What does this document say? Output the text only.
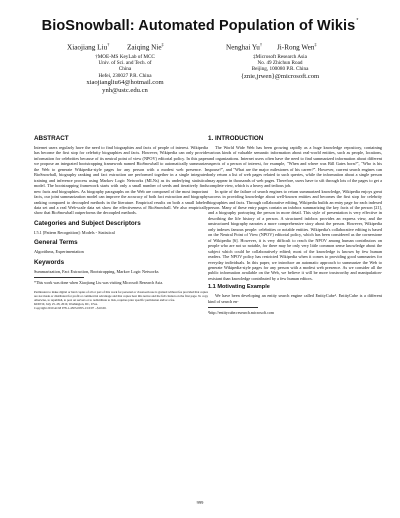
BioSnowball: Automated Population of Wikis*
Xiaojiang Liu† Zaiqing Nie‡	Nenghai Yu† Ji-Rong Wen‡
†MOE-MS KeyLab of MCC
Univ. of Sci. and Tech. of
China
Hefei, 230027 P.R. China
xiaojiangliu64@hotmail.com
ynh@ustc.edu.cn
‡Microsoft Research Asia
No. 49 Zhichun Road
Beijing, 100080 P.R. China
{znie,jrwen}@microsoft.com
ABSTRACT

Internet users regularly have the need to find biographies and facts of people of interest. Wikipedia has become the first stop for celebrity biographies and facts. However, Wikipedia can only provide information for celebrities because of its neutral point of view (NPOV) editorial policy. In this paper we propose an integrated bootstrapping framework named BioSnowball to automatically summarize the Web to generate Wikipedia-style pages for any person with a modest web presence. In BioSnowball, biography ranking and fact extraction are performed together in a single integrated training and inference process using Markov Logic Networks (MLNs) as its underlying statistical model. The bootstrapping framework starts with only a small number of seeds and iteratively finds new facts and biographies. As biography paragraphs on the Web are composed of the most important facts, our joint summarization model can improve the accuracy of both fact extraction and biography ranking compared to decoupled methods in the literature. Empirical results on both a small labeled data set and a real Web-scale data set show the effectiveness of BioSnowball. We also empirically show that BioSnowball outperforms the decoupled methods.

Categories and Subject Descriptors

I.5.1 [Pattern Recognition]: Models - Statistical

General Terms

Algorithms, Experimentation

Keywords

Summarization, Fact Extraction, Bootstrapping, Markov Logic Networks

*This work was done when Xiaojiang Liu was visiting Microsoft Research Asia.

Permission to make digital or hard copies of all or part of this work for personal or classroom use is granted without fee provided that copies are not made or distributed for profit or commercial advantage and that copies bear this notice and the full citation on the first page. To copy otherwise, to republish, to post on servers or to redistribute to lists, requires prior specific permission and/or a fee.

KDD'10, July 25–28, 2010, Washington, DC, USA.

Copyright 2010 ACM 978-1-4503-0055-1/10/07 ...$10.00.

1. INTRODUCTION

The World Wide Web has been growing rapidly as a huge knowledge repository, containing various kinds of valuable semantic information about real-world entities, such as people, locations, and organizations. Internet users often have the need to find summarized information about different aspects of a person of interest, for example, "When and where was Bill Gates born?", "Who is his spouse?", and "What are the major milestones of his career?". However, current search engines can only return a list of web pages related to such queries, while the information about a single person may appear in thousands of web pages. Therefore, users have to sift through lots of the pages to get a complete view, which is a heavy and tedious job.

In spite of the failure of search engines to return summarized knowledge, Wikipedia enjoys great success in providing knowledge about well-known entities and becomes the first stop for celebrity biographies and facts. Through collaborative editing, Wikipedia builds an entry page for each indexed person. Many of these entry pages contain an infobox summarizing the key facts of the person [21], and a biography portraying the person in more detail. This style of presentation is very effective in describing the life history of a person. A structured infobox provides an express view, and the unstructured biography narrates a more comprehensive story about the person. However, Wikipedia only indexes famous people: celebrities or notable entities. Wikipedia's collaborative editing is based on the Neutral Point of View (NPOV) editorial policy, which has been considered as the cornerstone of Wikipedia [6]. However, it is very difficult to reach the NPOV among human contributors on people who are not so notable, for there may be only very little common sense knowledge about the subject which could be collaboratively edited; most of the knowledge is known by few human readers. The NPOV policy has restricted Wikipedia when it comes to providing good summaries for everyday individuals. In this paper, we introduce an automatic approach to summarize the Web to generate Wikipedia-style pages for any person with a modest web presence. As we consider all the public information available on the Web, we believe it will be more trustworthy and manipulation-resistant than knowledge contributed by a few human editors.

1.1 Motivating Example

We have been developing an entity search engine called EntityCube¹. EntityCube is a different kind of search en-

¹http://entitycube.research.microsoft.com

999
